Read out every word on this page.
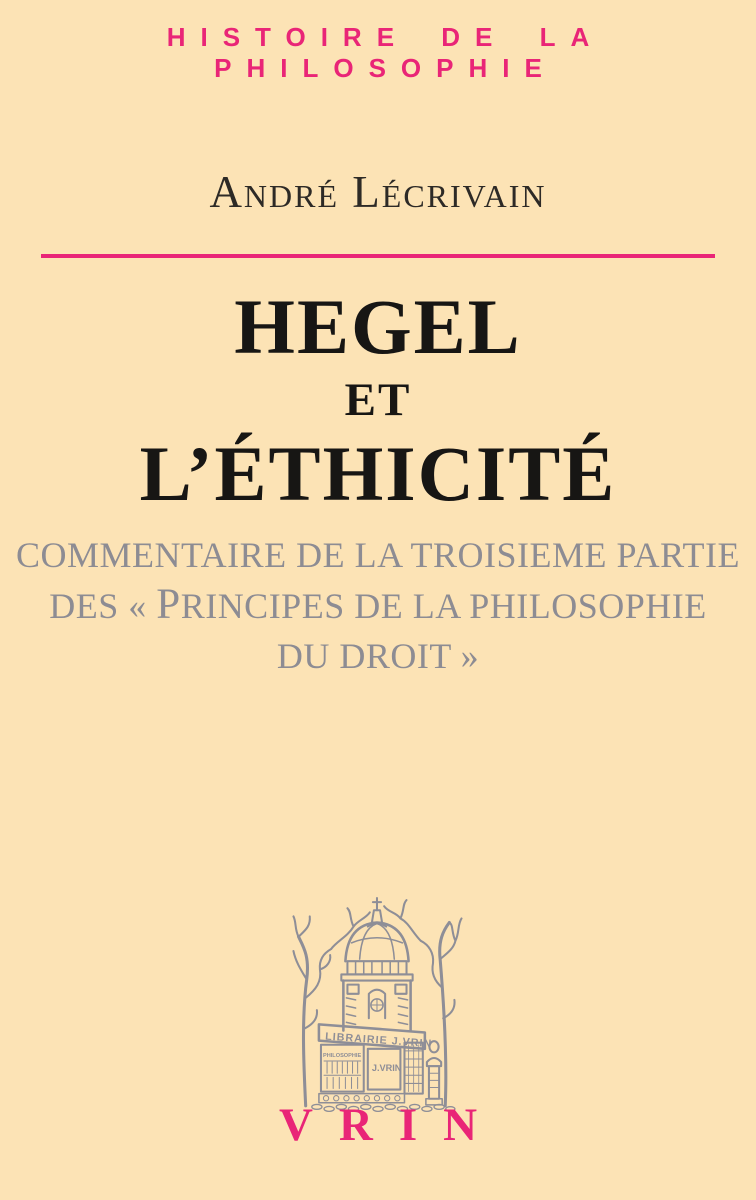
HISTOIRE DE LA PHILOSOPHIE
André Lécrivain
HEGEL
ET
L’ÉTHICITÉ
COMMENTAIRE DE LA TROISIEME PARTIE
DES « PRINCIPES DE LA PHILOSOPHIE
DU DROIT »
LIBRAIRIE J.VRIN
PHILOSOPHIE
J.VRIN
VRIN
